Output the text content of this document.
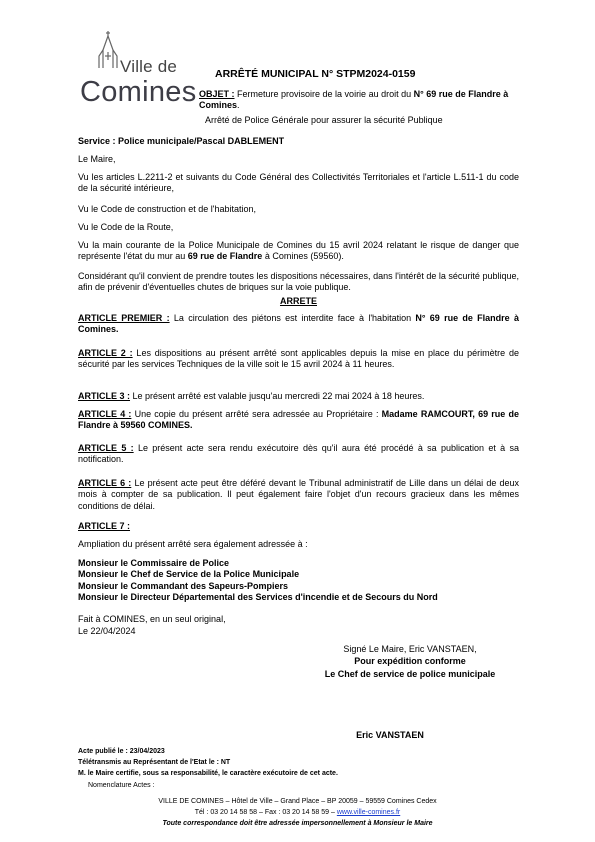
Ville de
Comines
ARRÊTÉ MUNICIPAL N° STPM2024-0159
OBJET : Fermeture provisoire de la voirie au droit du N° 69 rue de Flandre à Comines.
Arrêté de Police Générale pour assurer la sécurité Publique
Service : Police municipale/Pascal DABLEMENT
Le Maire,
Vu les articles L.2211-2 et suivants du Code Général des Collectivités Territoriales et l'article L.511-1 du code de la sécurité intérieure,
Vu le Code de construction et de l'habitation,
Vu le Code de la Route,
Vu la main courante de la Police Municipale de Comines du 15 avril 2024 relatant le risque de danger que représente l'état du mur au 69 rue de Flandre à Comines (59560).
Considérant qu'il convient de prendre toutes les dispositions nécessaires, dans l'intérêt de la sécurité publique, afin de prévenir d'éventuelles chutes de briques sur la voie publique.
ARRETE
ARTICLE PREMIER : La circulation des piétons est interdite face à l'habitation N° 69 rue de Flandre à Comines.
ARTICLE 2 : Les dispositions au présent arrêté sont applicables depuis la mise en place du périmètre de sécurité par les services Techniques de la ville soit le 15 avril 2024 à 11 heures.
ARTICLE 3 : Le présent arrêté est valable jusqu'au mercredi 22 mai 2024 à 18 heures.
ARTICLE 4 : Une copie du présent arrêté sera adressée au Propriétaire : Madame RAMCOURT, 69 rue de Flandre à 59560 COMINES.
ARTICLE 5 : Le présent acte sera rendu exécutoire dès qu'il aura été procédé à sa publication et à sa notification.
ARTICLE 6 : Le présent acte peut être déféré devant le Tribunal administratif de Lille dans un délai de deux mois à compter de sa publication. Il peut également faire l'objet d'un recours gracieux dans les mêmes conditions de délai.
ARTICLE 7 :
Ampliation du présent arrêté sera également adressée à :
Monsieur le Commissaire de Police
Monsieur le Chef de Service de la Police Municipale
Monsieur le Commandant des Sapeurs-Pompiers
Monsieur le Directeur Départemental des Services d'incendie et de Secours du Nord
Fait à COMINES, en un seul original,
Le 22/04/2024
Signé Le Maire, Eric VANSTAEN,
Pour expédition conforme
Le Chef de service de police municipale
Eric VANSTAEN
Acte publié le : 23/04/2023
Télétransmis au Représentant de l'Etat le : NT
M. le Maire certifie, sous sa responsabilité, le caractère exécutoire de cet acte.
Nomenclature Actes :
VILLE DE COMINES – Hôtel de Ville – Grand Place – BP 20059 – 59559 Comines Cedex
Tél : 03 20 14 58 58 – Fax : 03 20 14 58 59 – www.ville-comines.fr
Toute correspondance doit être adressée impersonnellement à Monsieur le Maire
